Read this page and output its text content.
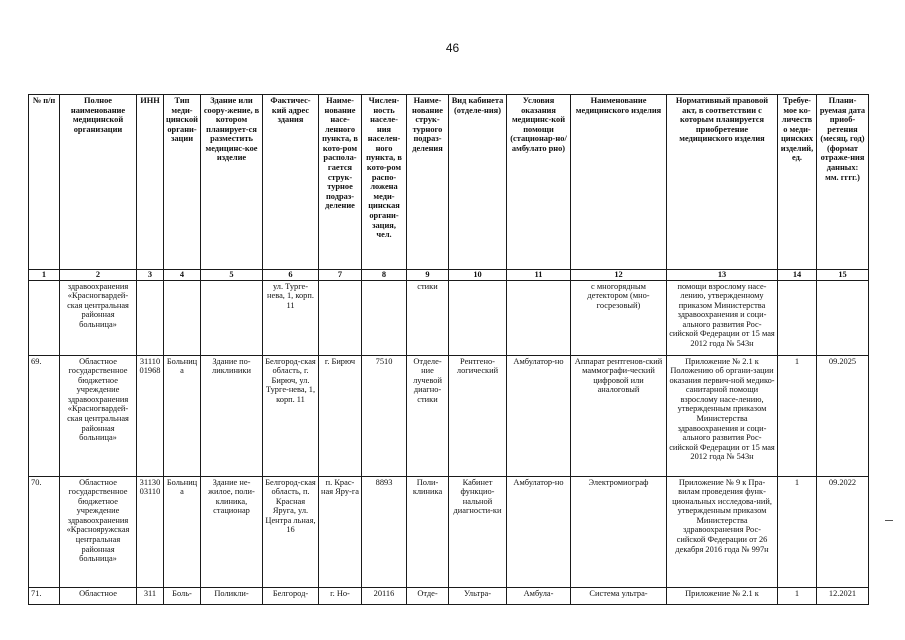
46
№ п/п	Полное наименование медицинской организации	ИНН	Тип меди-цинской органи-зации	Здание или соору-жение, в котором планирует-ся разместить медицинс-кое изделие	Фактичес-кий адрес здания	Наиме-нование насе-ленного пункта, в кото-ром распола-гается струк-турное подраз-деление	Числен-ность населе-ния населен-ного пункта, в кото-ром распо-ложена меди-цинская органи-зация, чел.	Наиме-нование струк-турного подраз-деления	Вид кабинета (отделе-ния)	Условия оказания медицинс-кой помощи (стационар-но/амбулато рно)	Наименование медицинского изделия	Нормативный правовой акт, в соответствии с которым планируется приобретение медицинского изделия	Требуе-мое ко-личество меди-цинских изделий, ед.	Плани-руемая дата приоб-ретения (месяц, год) (формат отраже-ния данных: мм. гггг.)
1	2	3	4	5	6	7	8	9	10	11	12	13	14	15
	здравоохранения «Красногвардей-ская центральная районная больница»				ул. Турге-нева, 1, корп. 11			стики			с многорядным детектором (мно-госрезовый)	помощи взрослому насе-лению, утвержденному приказом Министерства здравоохранения и соци-ального развития Рос-сийской Федерации от 15 мая 2012 года № 543н		
69.	Областное государственное бюджетное учреждение здравоохранения «Красногвардей-ская центральная районная больница»	31110 01968	Больница	Здание по-ликлиники	Белгород-ская область, г. Бирюч, ул. Турге-нева, 1, корп. 11	г. Бирюч	7510	Отделе-ние лучевой диагно-стики	Рентгено-логический	Амбулатор-но	Аппарат рентгенов-ский маммографи-ческий цифровой или аналоговый	Приложение № 2.1 к Положению об органи-зации оказания первич-ной медико-санитарной помощи взрослому насе-лению, утвержденным приказом Министерства здравоохранения и соци-ального развития Рос-сийской Федерации от 15 мая 2012 года № 543н	1	09.2025
70.	Областное государственное бюджетное учреждение здравоохранения «Краснояружская центральная районная больница»	31130 03110	Больница	Здание не-жилое, поли-клиника, стационар	Белгород-ская область, п. Красная Яруга, ул. Центра льная, 16	п. Крас-ная Яру-га	8893	Поли-клиника	Кабинет функцио-нальной диагности-ки	Амбулатор-но	Электромиограф	Приложение № 9 к Пра-вилам проведения функ-циональных исследова-ний, утвержденным приказом Министерства здравоохранения Рос-сийской Федерации от 26 декабря 2016 года № 997н	1	09.2022
71.	Областное	311	Боль-	Поликли-	Белгород-	г. Но-	20116	Отде-	Ультра-	Амбула-	Система ультра-	Приложение № 2.1 к	1	12.2021
